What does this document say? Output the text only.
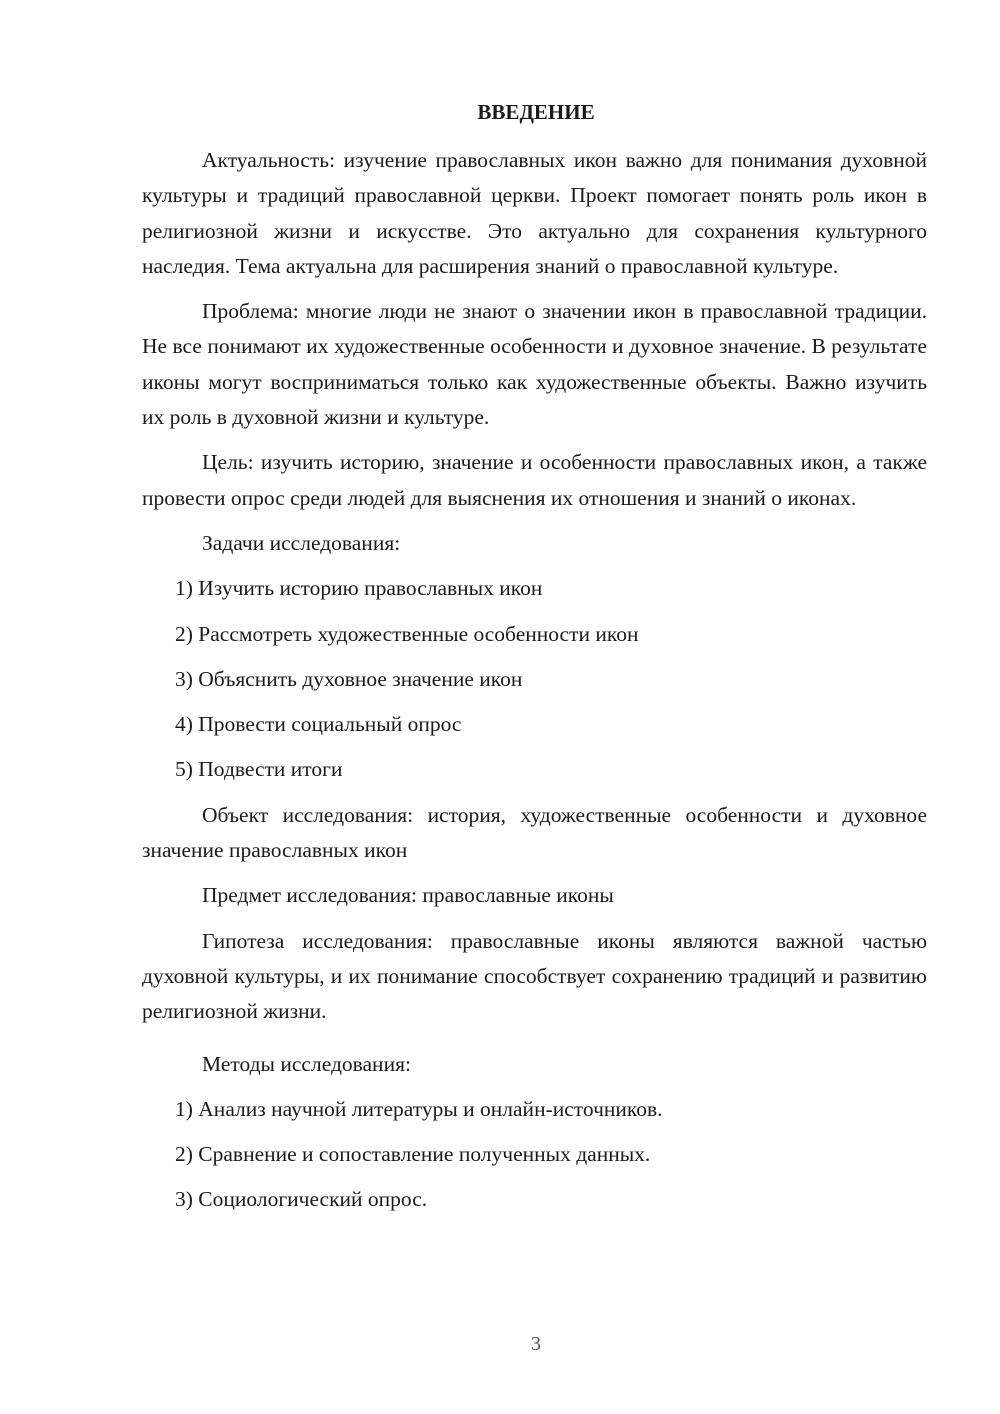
ВВЕДЕНИЕ

Актуальность: изучение православных икон важно для понимания духовной культуры и традиций православной церкви. Проект помогает понять роль икон в религиозной жизни и искусстве. Это актуально для сохранения культурного наследия. Тема актуальна для расширения знаний о православной культуре.

Проблема: многие люди не знают о значении икон в православной традиции. Не все понимают их художественные особенности и духовное значение. В результате иконы могут восприниматься только как художественные объекты. Важно изучить их роль в духовной жизни и культуре.

Цель: изучить историю, значение и особенности православных икон, а также провести опрос среди людей для выяснения их отношения и знаний о иконах.

Задачи исследования:

1) Изучить историю православных икон

2) Рассмотреть художественные особенности икон

3) Объяснить духовное значение икон

4) Провести социальный опрос

5) Подвести итоги

Объект исследования: история, художественные особенности и духовное значение православных икон

Предмет исследования: православные иконы

Гипотеза исследования: православные иконы являются важной частью духовной культуры, и их понимание способствует сохранению традиций и развитию религиозной жизни.

Методы исследования:

1) Анализ научной литературы и онлайн-источников.

2) Сравнение и сопоставление полученных данных.

3) Социологический опрос.

3
